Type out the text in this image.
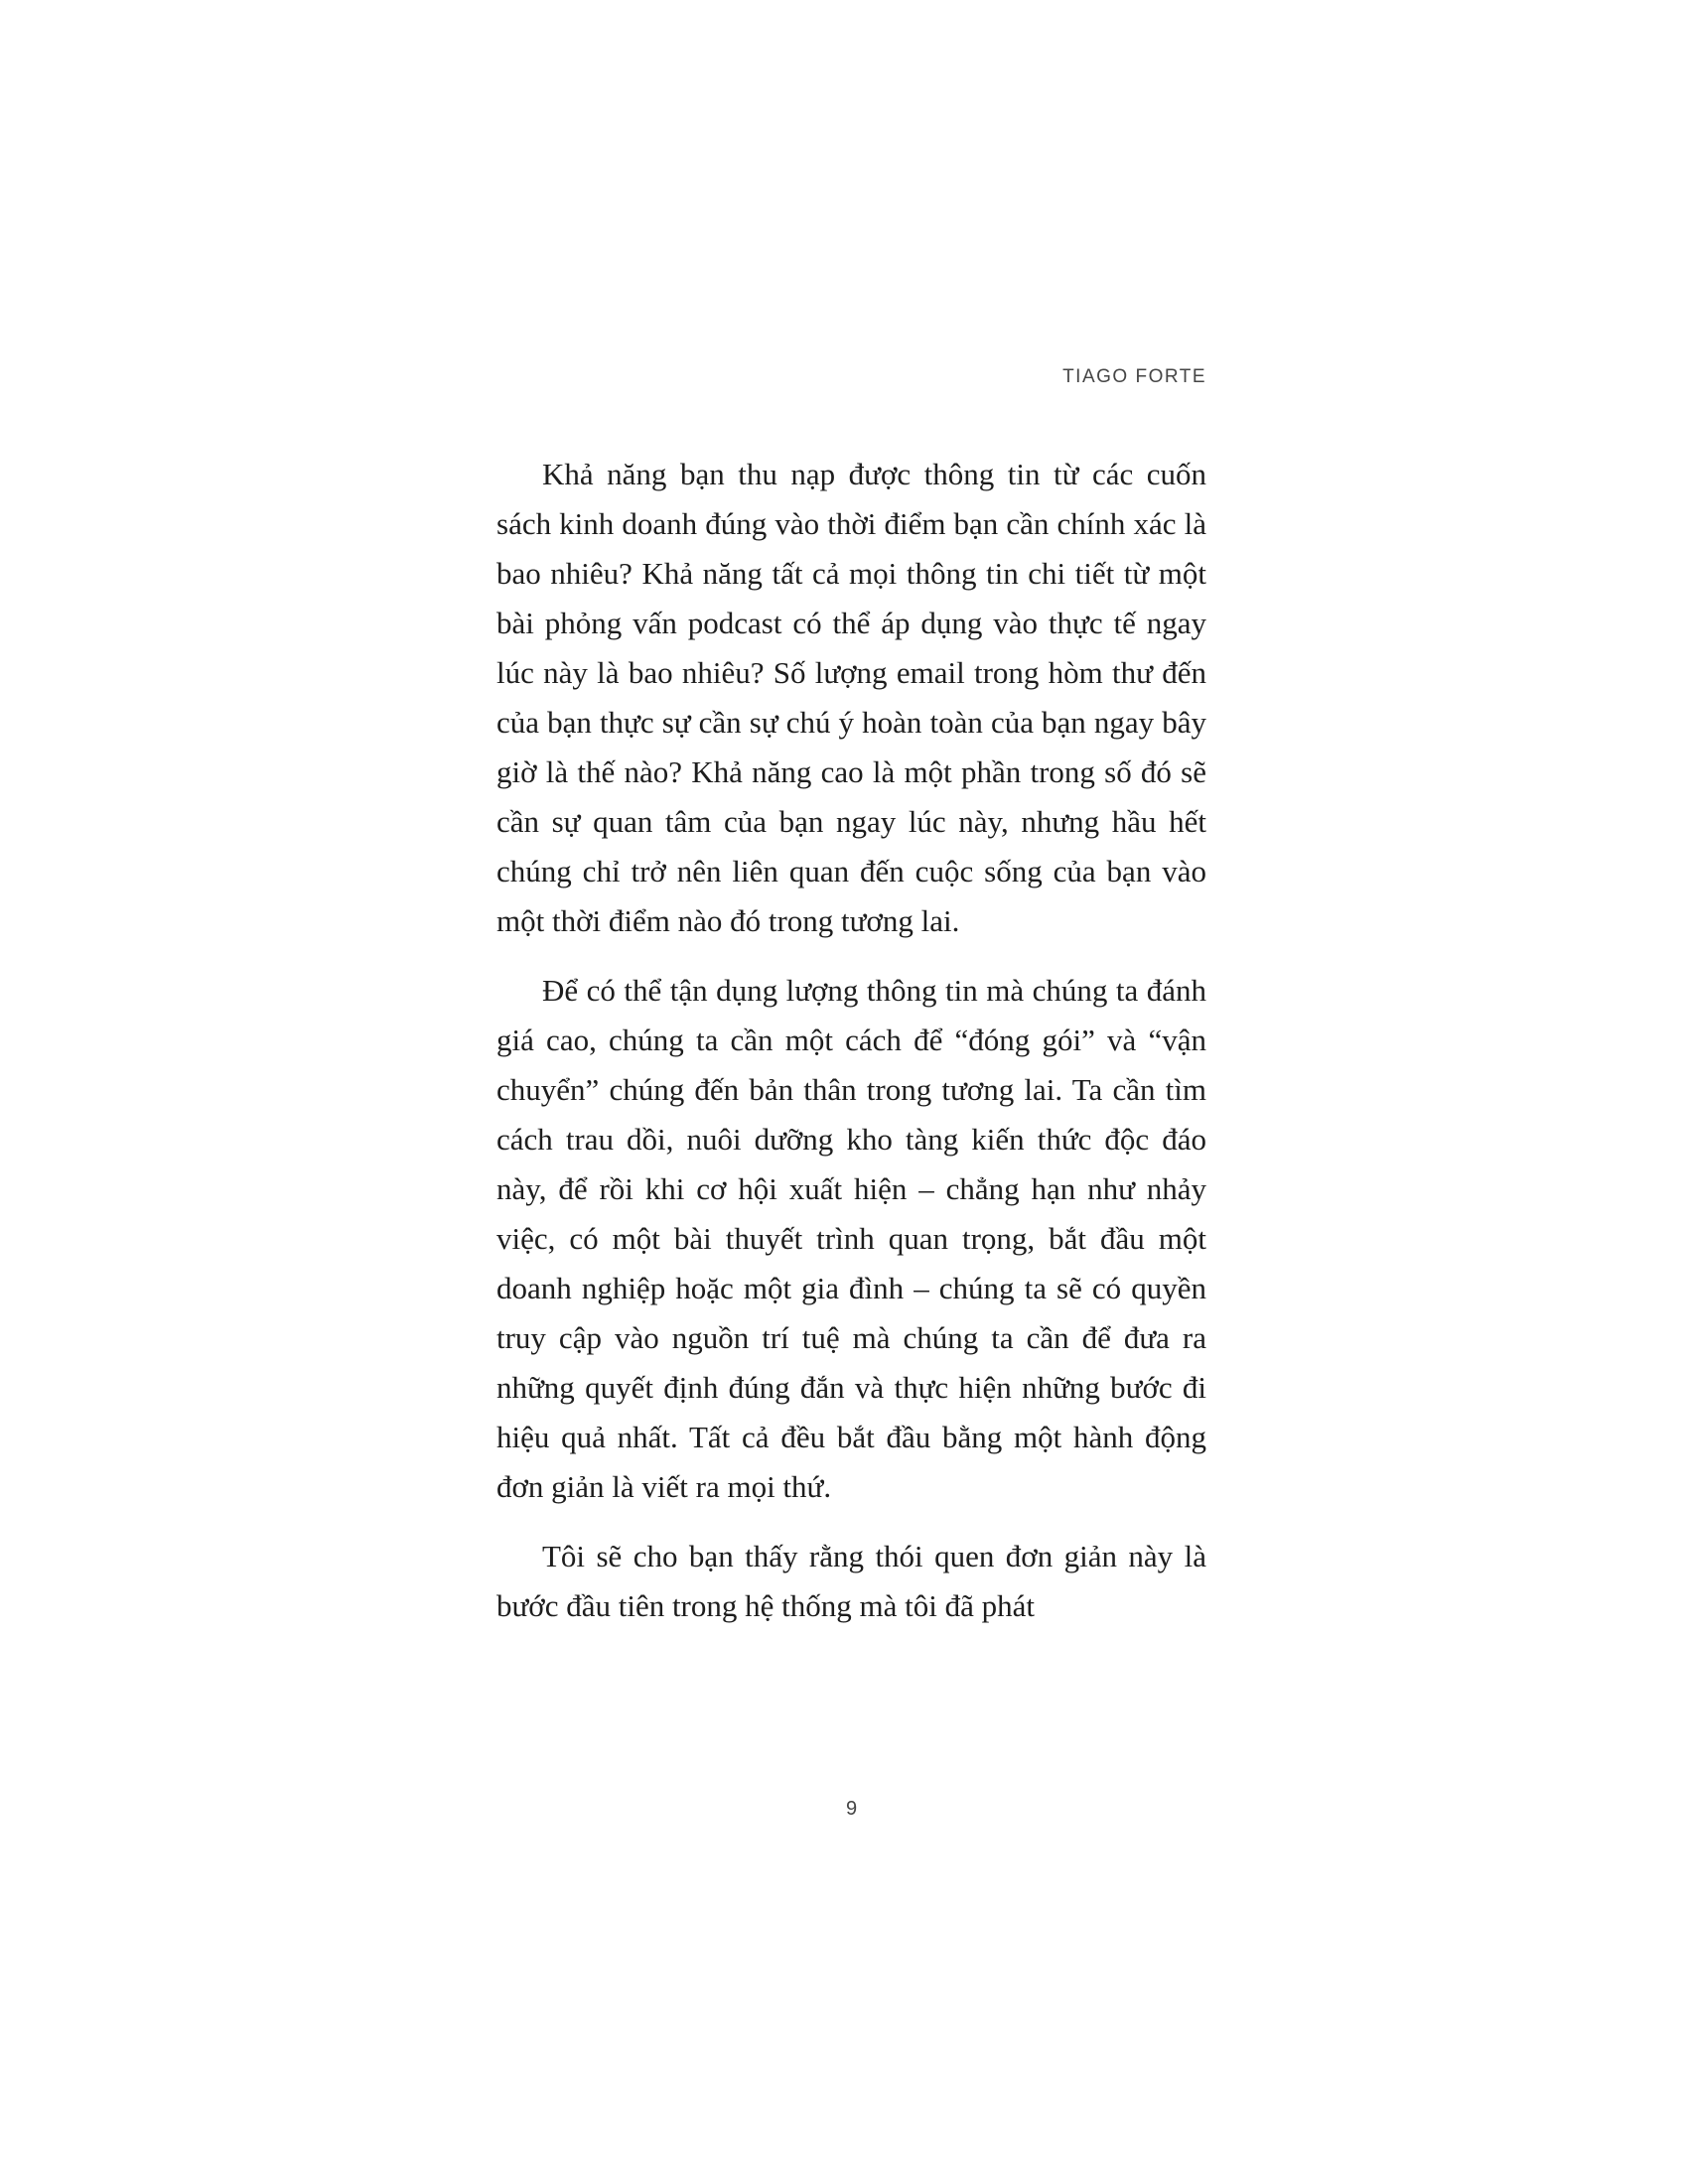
TIAGO FORTE

Khả năng bạn thu nạp được thông tin từ các cuốn sách kinh doanh đúng vào thời điểm bạn cần chính xác là bao nhiêu? Khả năng tất cả mọi thông tin chi tiết từ một bài phỏng vấn podcast có thể áp dụng vào thực tế ngay lúc này là bao nhiêu? Số lượng email trong hòm thư đến của bạn thực sự cần sự chú ý hoàn toàn của bạn ngay bây giờ là thế nào? Khả năng cao là một phần trong số đó sẽ cần sự quan tâm của bạn ngay lúc này, nhưng hầu hết chúng chỉ trở nên liên quan đến cuộc sống của bạn vào một thời điểm nào đó trong tương lai.

Để có thể tận dụng lượng thông tin mà chúng ta đánh giá cao, chúng ta cần một cách để “đóng gói” và “vận chuyển” chúng đến bản thân trong tương lai. Ta cần tìm cách trau dồi, nuôi dưỡng kho tàng kiến thức độc đáo này, để rồi khi cơ hội xuất hiện – chẳng hạn như nhảy việc, có một bài thuyết trình quan trọng, bắt đầu một doanh nghiệp hoặc một gia đình – chúng ta sẽ có quyền truy cập vào nguồn trí tuệ mà chúng ta cần để đưa ra những quyết định đúng đắn và thực hiện những bước đi hiệu quả nhất. Tất cả đều bắt đầu bằng một hành động đơn giản là viết ra mọi thứ.

Tôi sẽ cho bạn thấy rằng thói quen đơn giản này là bước đầu tiên trong hệ thống mà tôi đã phát

9
